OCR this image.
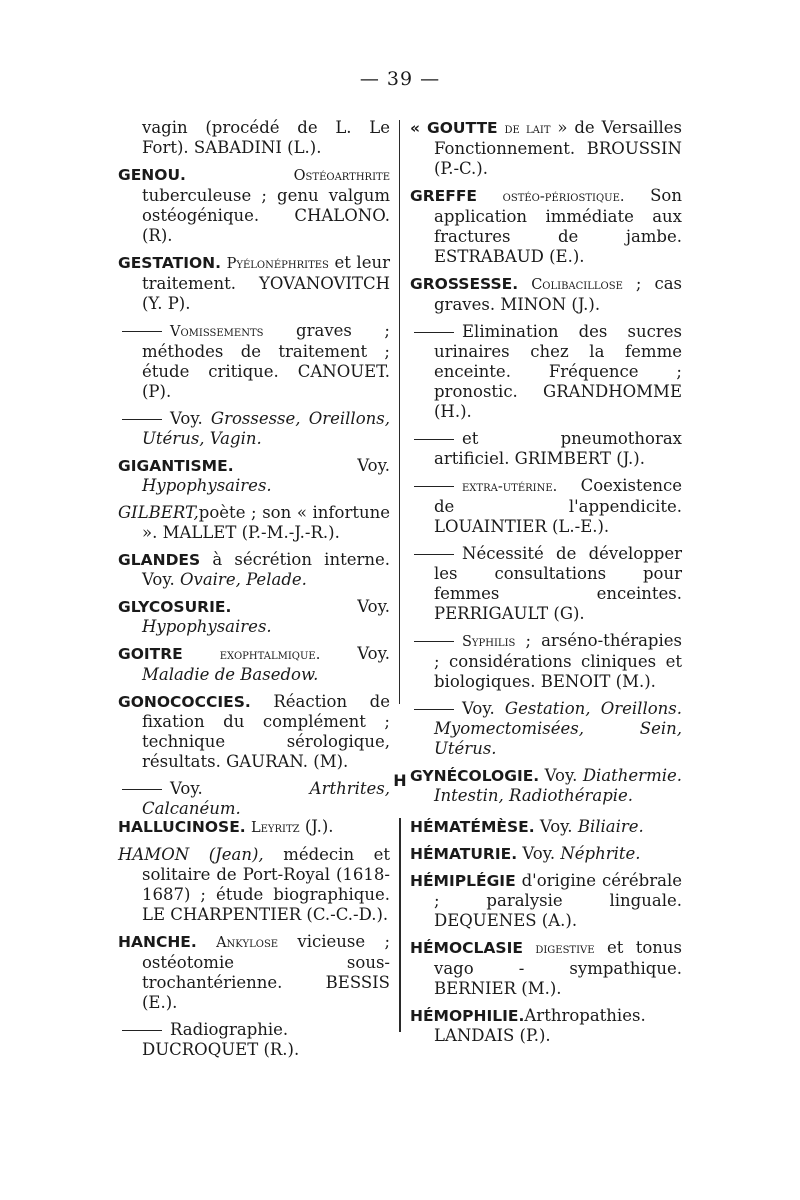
— 39 —

vagin (procédé de L. Le Fort). SABADINI (L.).

GENOU.	Ostéoarthrite tuberculeuse ; genu valgum ostéogénique. CHALONO. (R).

GESTATION. Pyélonéphrites et leur traitement. YOVANOVITCH (Y. P).

Vomissements graves ; méthodes de traitement ; étude critique. CANOUET. (P).

Voy. Grossesse, Oreillons, Utérus, Vagin.

GIGANTISME.	Voy. Hypophysaires.

GILBERT,poète ; son « infortune ». MALLET (P.-M.-J.-R.).

GLANDES à sécrétion interne. Voy. Ovaire, Pelade.

GLYCOSURIE.	Voy. Hypophysaires.

GOITRE	exophtalmique. Voy. Maladie de Basedow.

GONOCOCCIES. Réaction de fixation du complément ; technique sérologique, résultats. GAURAN. (M).

Voy.	Arthrites, Calcanéum.

« GOUTTE de lait » de Versailles Fonctionnement. BROUSSIN (P.-C.).

GREFFE ostéo-périostique. Son application immédiate aux fractures de jambe. ESTRABAUD (E.).

GROSSESSE. Colibacillose ; cas graves. MINON (J.).

Elimination des sucres urinaires chez la femme enceinte. Fréquence ; pronostic. GRANDHOMME (H.).

et pneumothorax artificiel. GRIMBERT (J.).

extra-utérine. Coexistence de l'appendicite. LOUAINTIER (L.-E.).

Nécessité de développer les consultations pour femmes enceintes. PERRIGAULT (G).

Syphilis ; arséno-thérapies ; considérations cliniques et biologiques. BENOIT (M.).

Voy. Gestation, Oreillons. Myomectomisées, Sein, Utérus.

GYNÉCOLOGIE. Voy. Diathermie. Intestin, Radiothérapie.

H

HALLUCINOSE. Leyritz (J.).

HAMON (Jean), médecin et solitaire de Port-Royal (1618-1687) ; étude biographique. LE CHARPENTIER (C.-C.-D.).

HANCHE. Ankylose vicieuse ; ostéotomie sous-trochantérienne. BESSIS (E.).

Radiographie. DUCROQUET (R.).

HÉMATÉMÈSE. Voy. Biliaire.

HÉMATURIE. Voy. Néphrite.

HÉMIPLÉGIE d'origine cérébrale ; paralysie linguale. DEQUENES (A.).

HÉMOCLASIE digestive et tonus vago - sympathique. BERNIER (M.).

HÉMOPHILIE.Arthropathies. LANDAIS (P.).
